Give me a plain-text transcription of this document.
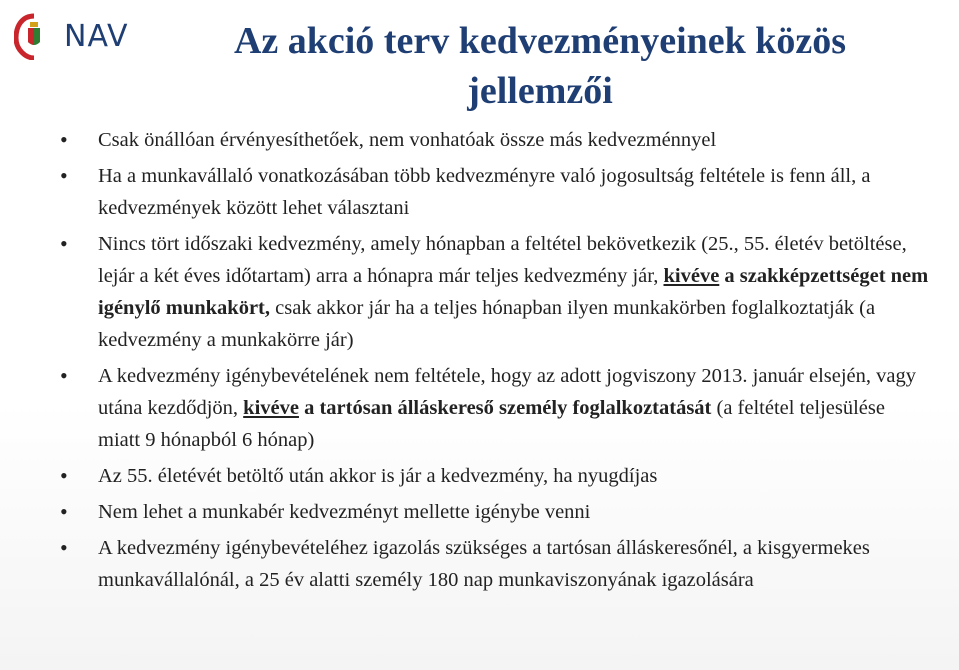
NAV	Az akció terv kedvezményeinek közös jellemzői
• Csak önállóan érvényesíthetőek, nem vonhatóak össze más kedvezménnyel
• Ha a munkavállaló vonatkozásában több kedvezményre való jogosultság feltétele is fenn áll, a kedvezmények között lehet választani
• Nincs tört időszaki kedvezmény, amely hónapban a feltétel bekövetkezik (25., 55. életév betöltése, lejár a két éves időtartam) arra a hónapra már teljes kedvezmény jár, kivéve a szakképzettséget nem igénylő munkakört, csak akkor jár ha a teljes hónapban ilyen munkakörben foglalkoztatják (a kedvezmény a munkakörre jár)
• A kedvezmény igénybevételének nem feltétele, hogy az adott jogviszony 2013. január elsején, vagy utána kezdődjön, kivéve a tartósan álláskereső személy foglalkoztatását (a feltétel teljesülése miatt 9 hónapból 6 hónap)
• Az 55. életévét betöltő után akkor is jár a kedvezmény, ha nyugdíjas
• Nem lehet a munkabér kedvezményt mellette igénybe venni
• A kedvezmény igénybevételéhez igazolás szükséges a tartósan álláskeresőnél, a kisgyermekes munkavállalónál, a 25 év alatti személy 180 nap munkaviszonyának igazolására
